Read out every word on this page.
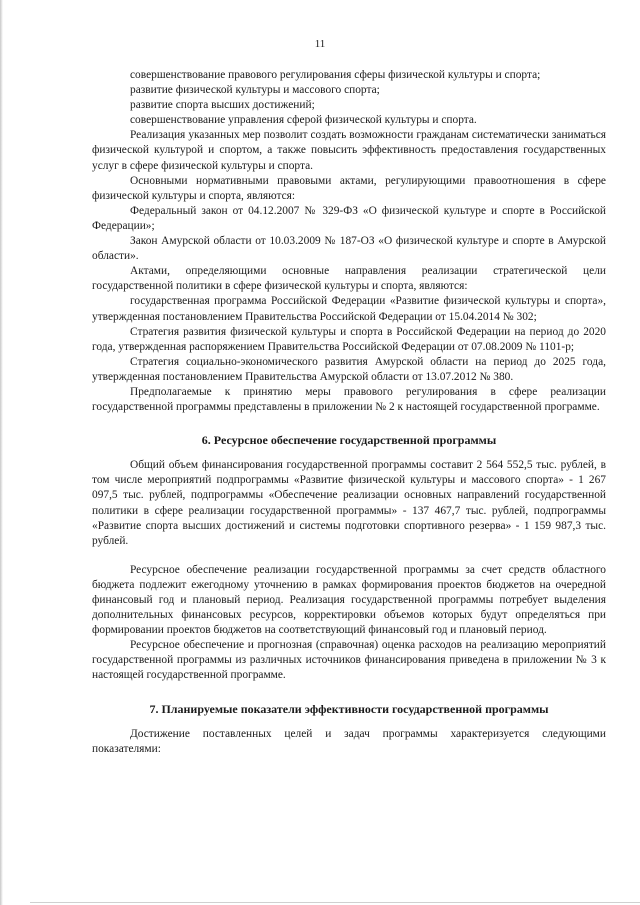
11

совершенствование правового регулирования сферы физической культуры и спорта;

развитие физической культуры и массового спорта;

развитие спорта высших достижений;

совершенствование управления сферой физической культуры и спорта.

Реализация указанных мер позволит создать возможности гражданам систематически заниматься физической культурой и спортом, а также повысить эффективность предоставления государственных услуг в сфере физической культуры и спорта.

Основными нормативными правовыми актами, регулирующими правоотношения в сфере физической культуры и спорта, являются:

Федеральный закон от 04.12.2007 № 329-ФЗ «О физической культуре и спорте в Российской Федерации»;

Закон Амурской области от 10.03.2009 № 187-ОЗ «О физической культуре и спорте в Амурской области».

Актами, определяющими основные направления реализации стратегической цели государственной политики в сфере физической культуры и спорта, являются:

государственная программа Российской Федерации «Развитие физической культуры и спорта», утвержденная постановлением Правительства Российской Федерации от 15.04.2014 № 302;

Стратегия развития физической культуры и спорта в Российской Федерации на период до 2020 года, утвержденная распоряжением Правительства Российской Федерации от 07.08.2009 № 1101-р;

Стратегия социально-экономического развития Амурской области на период до 2025 года, утвержденная постановлением Правительства Амурской области от 13.07.2012 № 380.

Предполагаемые к принятию меры правового регулирования в сфере реализации государственной программы представлены в приложении № 2 к настоящей государственной программе.

6. Ресурсное обеспечение государственной программы

Общий объем финансирования государственной программы составит 2 564 552,5 тыс. рублей, в том числе мероприятий подпрограммы «Развитие физической культуры и массового спорта» - 1 267 097,5 тыс. рублей, подпрограммы «Обеспечение реализации основных направлений государственной политики в сфере реализации государственной программы» - 137 467,7 тыс. рублей, подпрограммы «Развитие спорта высших достижений и системы подготовки спортивного резерва» - 1 159 987,3 тыс. рублей.

Ресурсное обеспечение реализации государственной программы за счет средств областного бюджета подлежит ежегодному уточнению в рамках формирования проектов бюджетов на очередной финансовый год и плановый период. Реализация государственной программы потребует выделения дополнительных финансовых ресурсов, корректировки объемов которых будут определяться при формировании проектов бюджетов на соответствующий финансовый год и плановый период.

Ресурсное обеспечение и прогнозная (справочная) оценка расходов на реализацию мероприятий государственной программы из различных источников финансирования приведена в приложении № 3 к настоящей государственной программе.

7. Планируемые показатели эффективности государственной программы

Достижение поставленных целей и задач программы характеризуется следующими показателями:
